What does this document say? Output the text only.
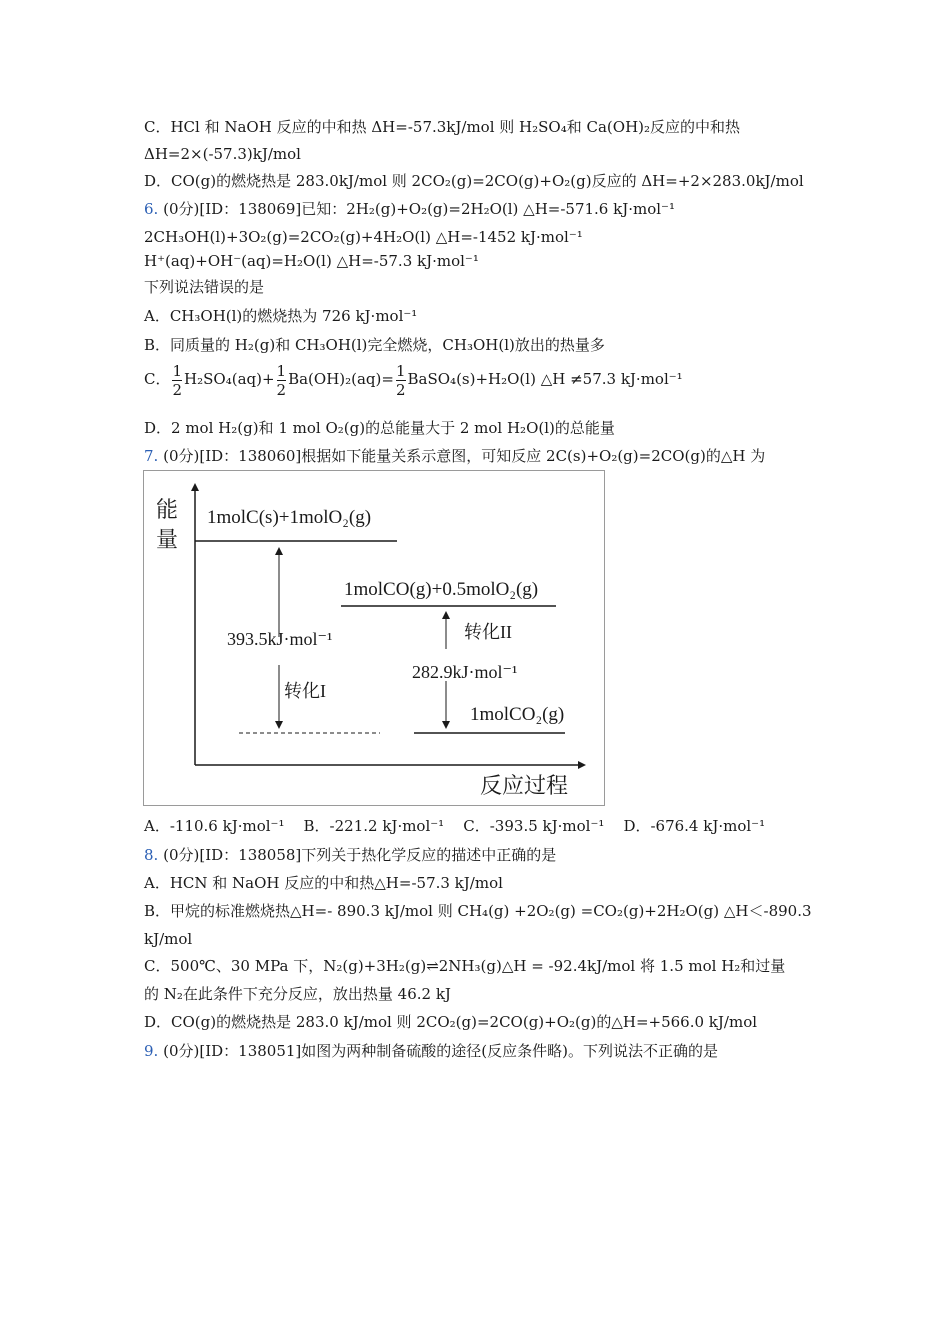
C．HCl 和 NaOH 反应的中和热 ΔH=-57.3kJ/mol 则 H₂SO₄和 Ca(OH)₂反应的中和热
ΔH=2×(-57.3)kJ/mol
D．CO(g)的燃烧热是 283.0kJ/mol 则 2CO₂(g)=2CO(g)+O₂(g)反应的 ΔH=+2×283.0kJ/mol
6. (0分)[ID：138069]已知：2H₂(g)+O₂(g)=2H₂O(l) △H=-571.6 kJ·mol⁻¹
2CH₃OH(l)+3O₂(g)=2CO₂(g)+4H₂O(l) △H=-1452 kJ·mol⁻¹
H⁺(aq)+OH⁻(aq)=H₂O(l) △H=-57.3 kJ·mol⁻¹
下列说法错误的是
A．CH₃OH(l)的燃烧热为 726 kJ·mol⁻¹
B．同质量的 H₂(g)和 CH₃OH(l)完全燃烧，CH₃OH(l)放出的热量多
C． $\frac{1}{2} H_2SO_4(aq)+ \frac{1}{2} Ba(OH)_2(aq)= \frac{1}{2}$ BaSO₄(s)+H₂O(l) △H ≠57.3 kJ·mol⁻¹
D．2 mol H₂(g)和 1 mol O₂(g)的总能量大于 2 mol H₂O(l)的总能量
7. (0分)[ID：138060]根据如下能量关系示意图，可知反应 2C(s)+O₂(g)=2CO(g)的△H 为
能
量
反应过程
1molC(s)+1molO₂(g)
1molCO(g)+0.5molO₂(g)
1molCO₂(g)
393.5kJ·mol⁻¹
转化I
转化II
282.9kJ·mol⁻¹
A．-110.6 kJ·mol⁻¹    B．-221.2 kJ·mol⁻¹    C．-393.5 kJ·mol⁻¹    D．-676.4 kJ·mol⁻¹
8. (0分)[ID：138058]下列关于热化学反应的描述中正确的是
A．HCN 和 NaOH 反应的中和热△H=-57.3 kJ/mol
B．甲烷的标准燃烧热△H=- 890.3 kJ/mol 则 CH₄(g) +2O₂(g) =CO₂(g)+2H₂O(g) △H＜-890.3
kJ/mol
C．500℃、30 MPa 下，N₂(g)+3H₂(g)⇌2NH₃(g)△H = -92.4kJ/mol 将 1.5 mol H₂和过量
的 N₂在此条件下充分反应，放出热量 46.2 kJ
D．CO(g)的燃烧热是 283.0 kJ/mol 则 2CO₂(g)=2CO(g)+O₂(g)的△H=+566.0 kJ/mol
9. (0分)[ID：138051]如图为两种制备硫酸的途径(反应条件略)。下列说法不正确的是
